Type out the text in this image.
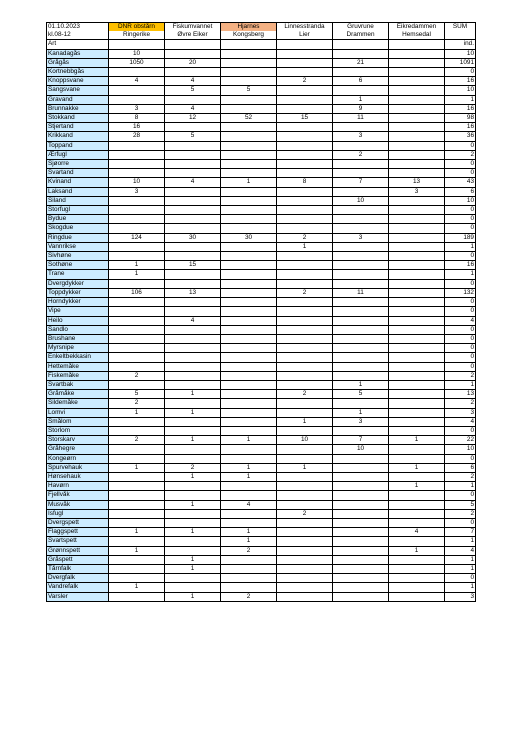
01.10.2023	DNR obstårn	Fiskumvannet	Hjarnes	Linnesstranda	Gruvrune	Eikredammen	SUM
kl.08-12	Ringerike	Øvre Eiker	Kongsberg	Lier	Drammen	Hemsedal	
Art							ind.
Kanadagås	10						10
Grågås	1050	20			21		1091
Kortnebbgås							0
Knoppsvane	4	4		2	6		16
Sangsvane		5	5				10
Gravand					1		1
Brunnakke	3	4			9		16
Stokkand	8	12	52	15	11		98
Stjertand	16						16
Krikkand	28	5			3		36
Toppand							0
Ærfugl					2		2
Sjøorre							0
Svartand							0
Kvinand	10	4	1	8	7	13	43
Laksand	3					3	6
Siland					10		10
Storfugl							0
Bydue							0
Skogdue							0
Ringdue	124	30	30	2	3		189
Vannrikse				1			1
Sivhøne							0
Sothøne	1	15					16
Trane	1						1
Dvergdykker							0
Toppdykker	106	13		2	11		132
Horndykker							0
Vipe							0
Heilo		4					4
Sandlo							0
Brushane							0
Myrsnipe							0
Enkeltbekkasin							0
Hettemåke							0
Fiskemåke	2						2
Svartbak					1		1
Gråmåke	5	1		2	5		13
Sildemåke	2						2
Lomvi	1	1			1		3
Smålom				1	3		4
Storlom							0
Storskarv	2	1	1	10	7	1	22
Gråhegre					10		10
Kongeørn							0
Spurvehauk	1	2	1	1		1	6
Hønsehauk		1	1				2
Havørn						1	1
Fjellvåk							0
Musvåk		1	4				5
Isfugl				2			2
Dvergspett							0
Flaggspett	1	1	1			4	7
Svartspett			1				1
Grønnspett	1		2			1	4
Gråspett		1					1
Tårnfalk		1					1
Dvergfalk							0
Vandrefalk	1						1
Varsler		1	2				3
